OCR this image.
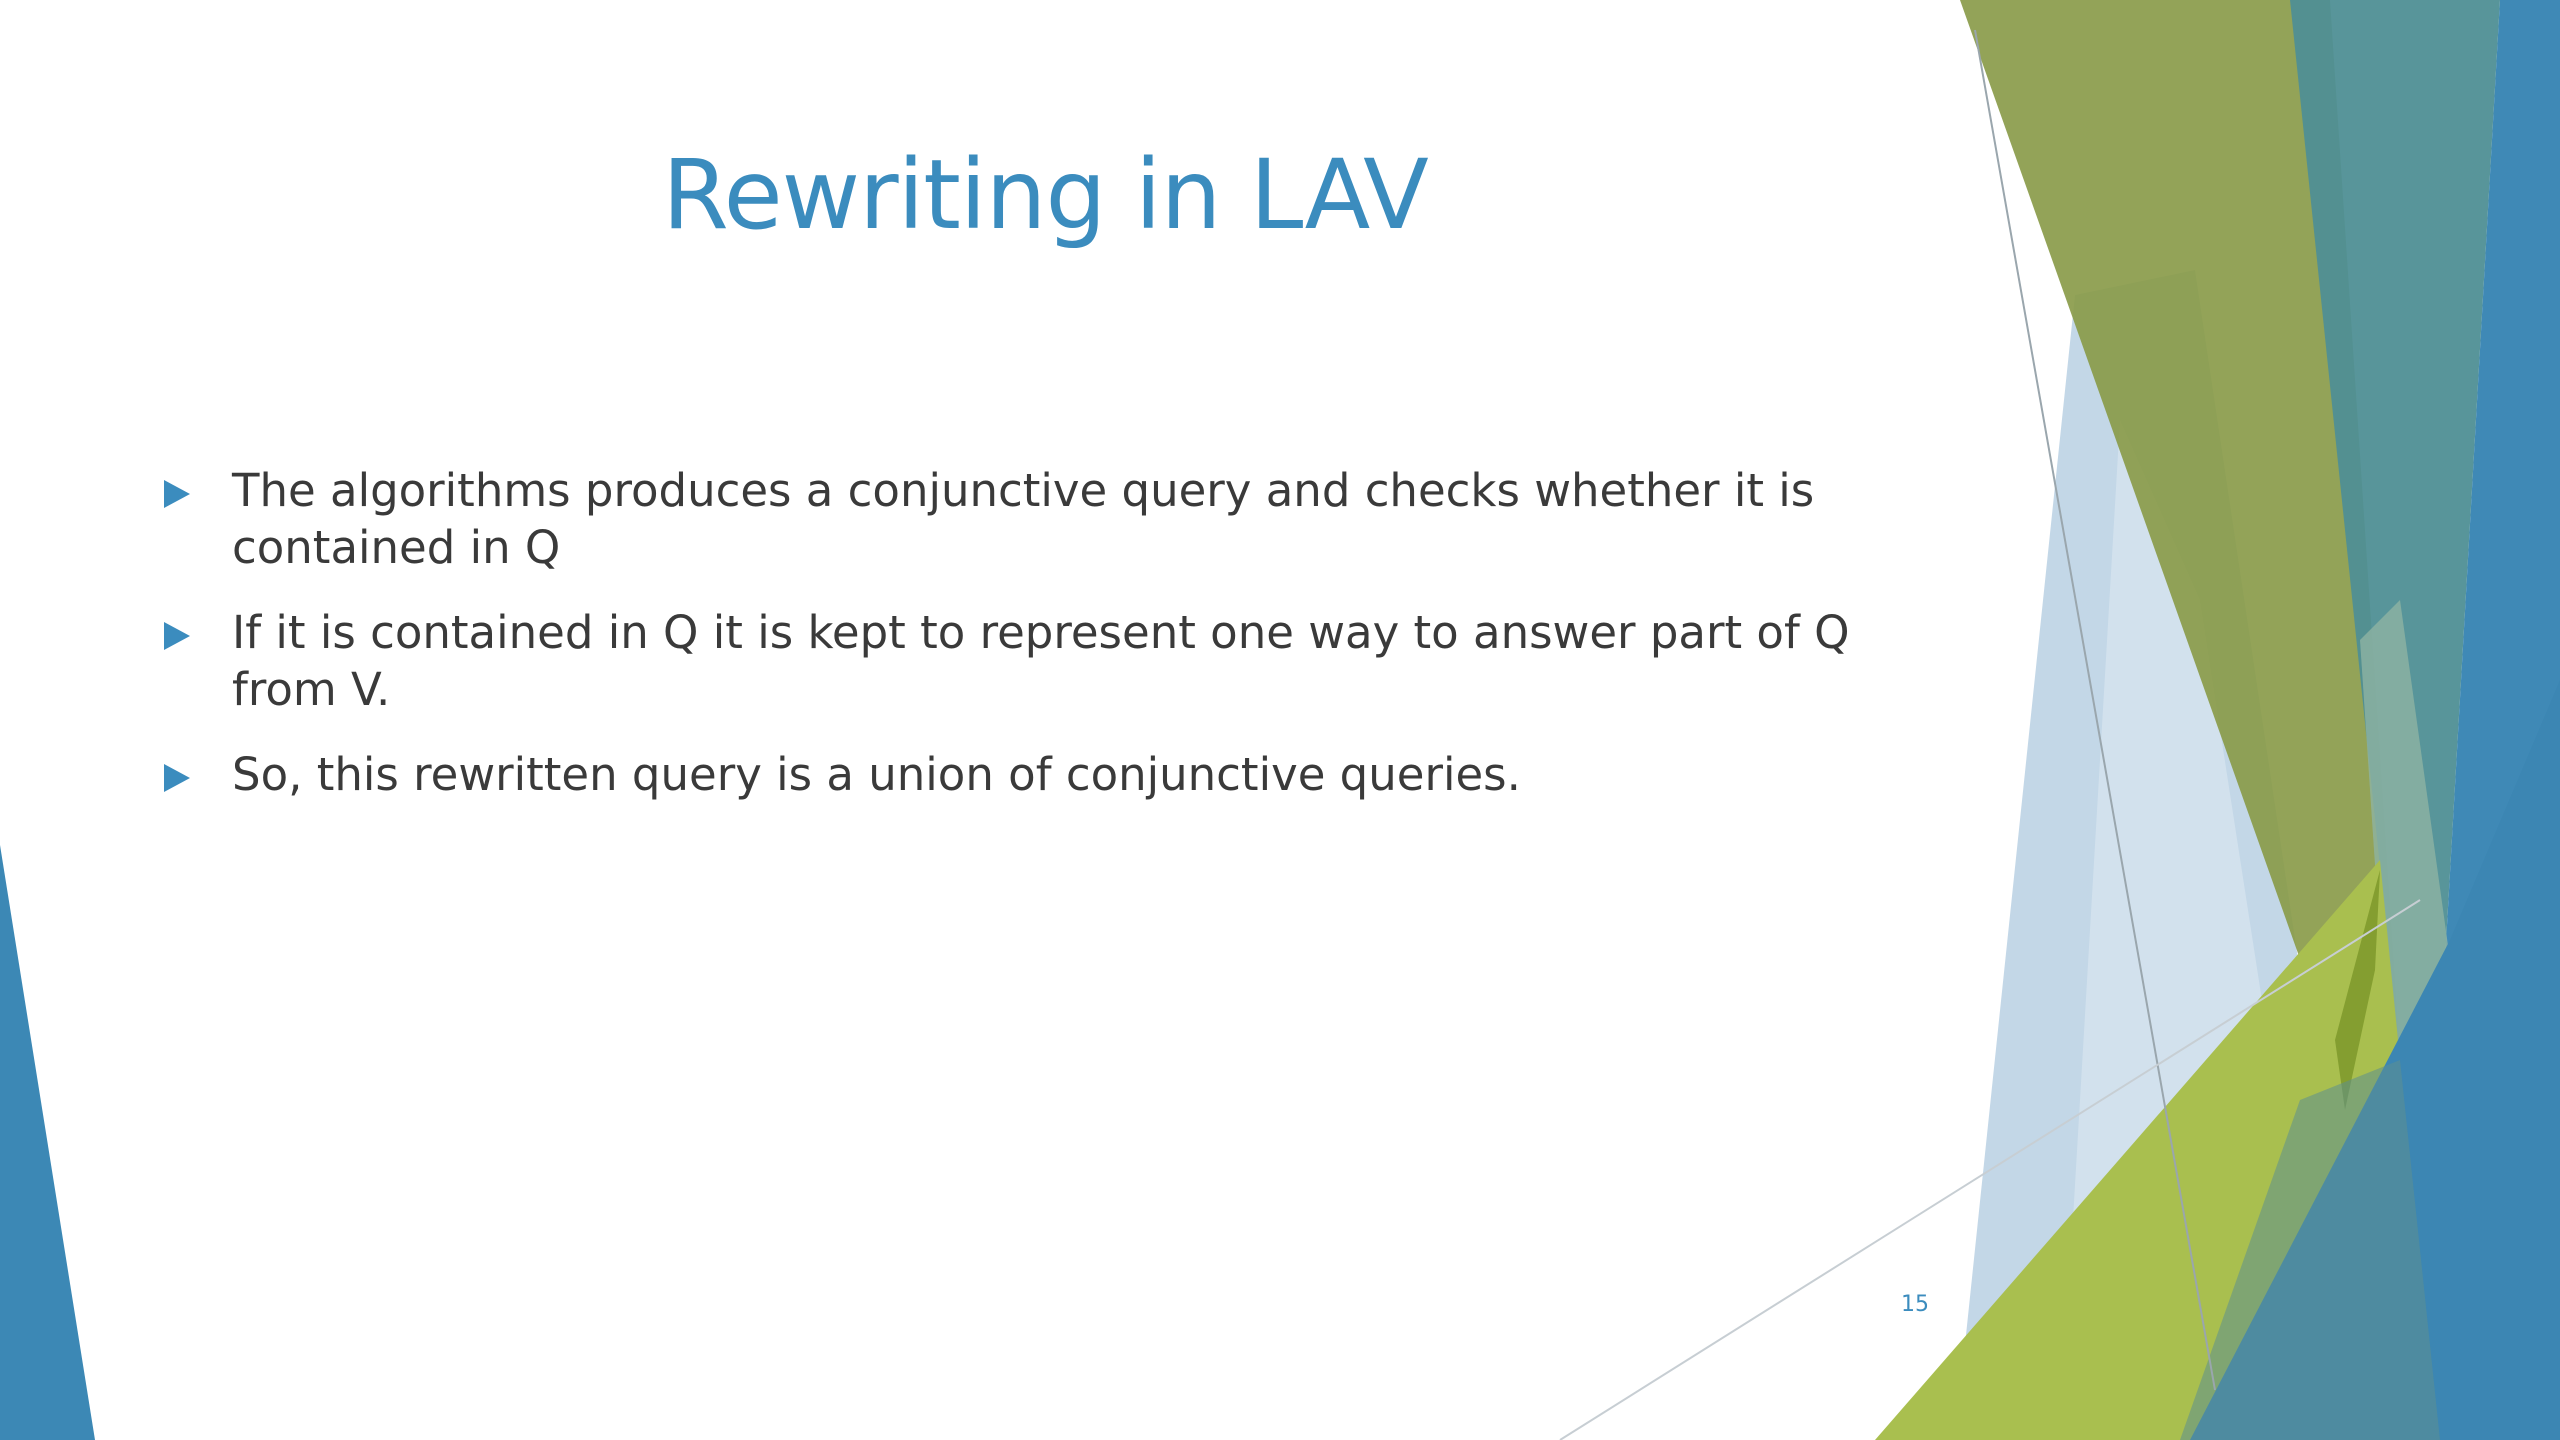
Rewriting in LAV
The algorithms produces a conjunctive query and checks whether it is contained in Q
If it is contained in Q it is kept to represent one way to answer part of Q from V.
So, this rewritten query is a union of conjunctive queries.
15
